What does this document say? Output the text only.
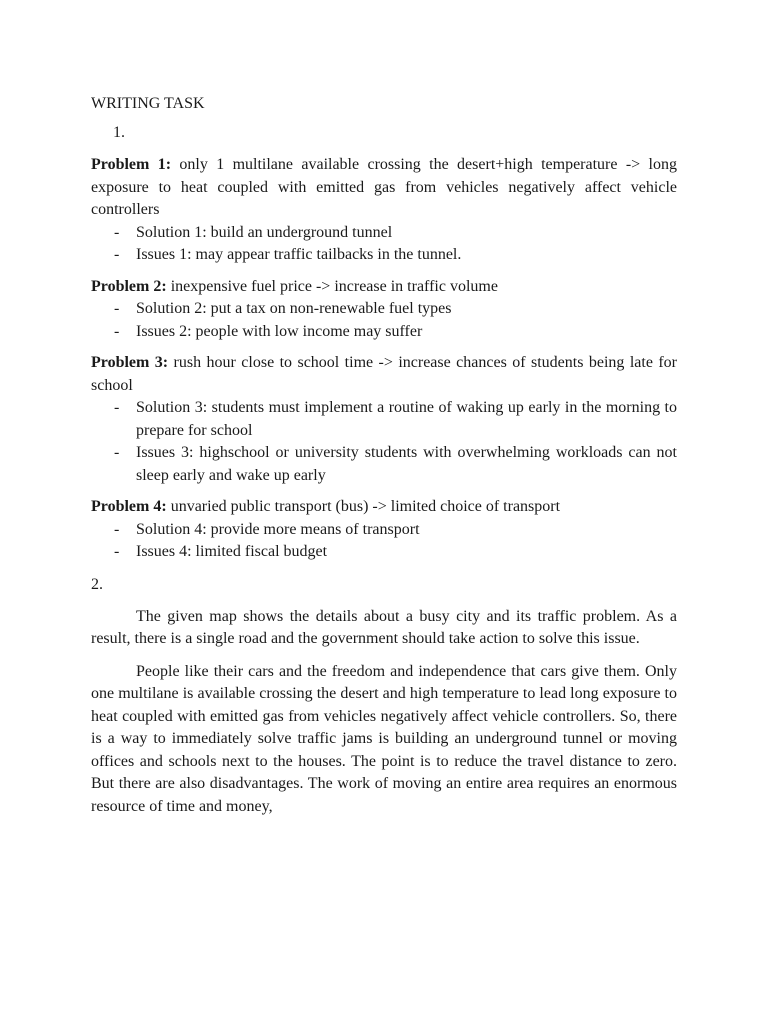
WRITING TASK

1.

Problem 1: only 1 multilane available crossing the desert+high temperature -> long exposure to heat coupled with emitted gas from vehicles negatively affect vehicle controllers

- Solution 1: build an underground tunnel
- Issues 1: may appear traffic tailbacks in the tunnel.

Problem 2: inexpensive fuel price -> increase in traffic volume

- Solution 2: put a tax on non-renewable fuel types
- Issues 2: people with low income may suffer

Problem 3: rush hour close to school time -> increase chances of students being late for school

- Solution 3: students must implement a routine of waking up early in the morning to prepare for school
- Issues 3: highschool or university students with overwhelming workloads can not sleep early and wake up early

Problem 4: unvaried public transport (bus) -> limited choice of transport

- Solution 4: provide more means of transport
- Issues 4: limited fiscal budget

2.

The given map shows the details about a busy city and its traffic problem. As a result, there is a single road and the government should take action to solve this issue.

People like their cars and the freedom and independence that cars give them. Only one multilane is available crossing the desert and high temperature to lead long exposure to heat coupled with emitted gas from vehicles negatively affect vehicle controllers. So, there is a way to immediately solve traffic jams is building an underground tunnel or moving offices and schools next to the houses. The point is to reduce the travel distance to zero. But there are also disadvantages. The work of moving an entire area requires an enormous resource of time and money,
